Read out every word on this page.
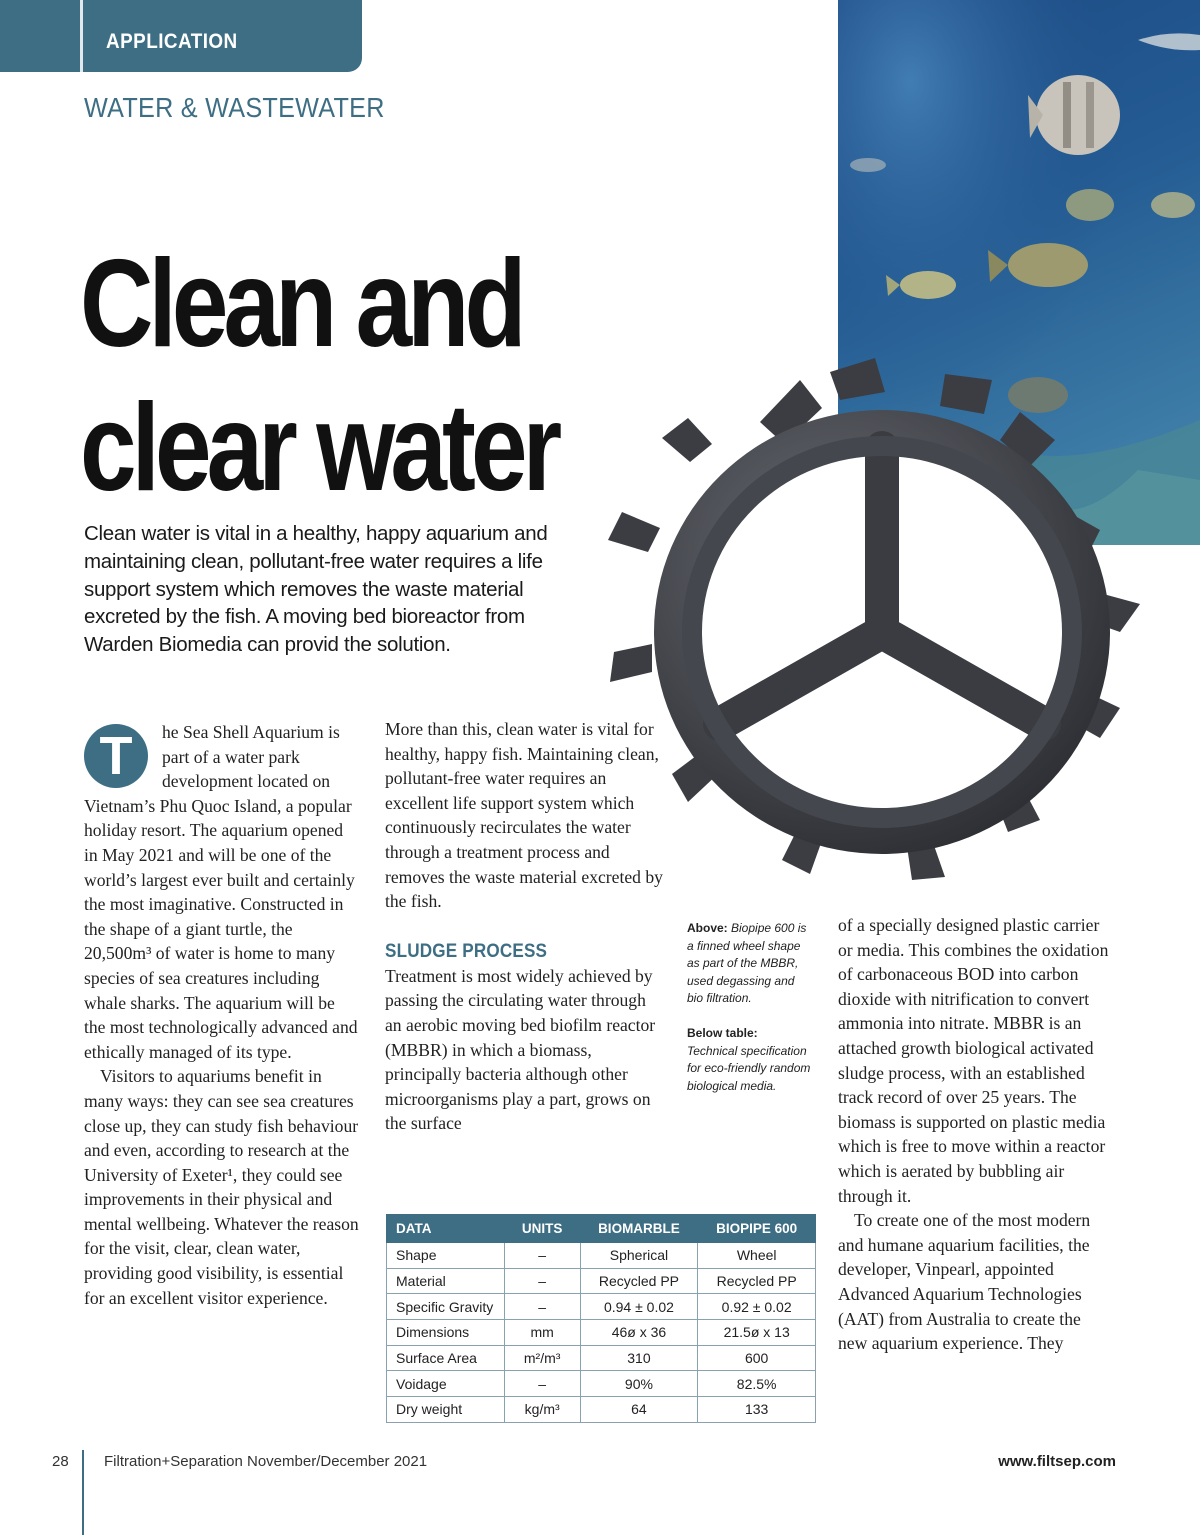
APPLICATION
WATER & WASTEWATER
Clean and
clear water

Clean water is vital in a healthy, happy aquarium and maintaining clean, pollutant-free water requires a life support system which removes the waste material excreted by the fish. A moving bed bioreactor from Warden Biomedia can provid the solution.

T	he Sea Shell Aquarium is part of a water park development located on Vietnam’s Phu Quoc Island, a popular holiday resort. The aquarium opened in May 2021 and will be one of the world’s largest ever built and certainly the most imaginative. Constructed in the shape of a giant turtle, the 20,500m³ of water is home to many species of sea creatures including whale sharks. The aquarium will be the most technologically advanced and ethically managed of its type.

Visitors to aquariums benefit in many ways: they can see sea creatures close up, they can study fish behaviour and even, according to research at the University of Exeter¹, they could see improvements in their physical and mental wellbeing. Whatever the reason for the visit, clear, clean water, providing good visibility, is essential for an excellent visitor experience.

More than this, clean water is vital for healthy, happy fish. Maintaining clean, pollutant-free water requires an excellent life support system which continuously recirculates the water through a treatment process and removes the waste material excreted by the fish.

SLUDGE PROCESS

Treatment is most widely achieved by passing the circulating water through an aerobic moving bed biofilm reactor (MBBR) in which a biomass, principally bacteria although other microorganisms play a part, grows on the surface

Above: Biopipe 600 is a finned wheel shape as part of the MBBR, used degassing and bio filtration.

Below table:

Technical specification for eco-friendly random biological media.

of a specially designed plastic carrier or media. This combines the oxidation of carbonaceous BOD into carbon dioxide with nitrification to convert ammonia into nitrate. MBBR is an attached growth biological activated sludge process, with an established track record of over 25 years. The biomass is supported on plastic media which is free to move within a reactor which is aerated by bubbling air through it.

To create one of the most modern and humane aquarium facilities, the developer, Vinpearl, appointed Advanced Aquarium Technologies (AAT) from Australia to create the new aquarium experience. They

DATA	UNITS	BIOMARBLE	BIOPIPE 600
Shape	–	Spherical	Wheel
Material	–	Recycled PP	Recycled PP
Specific Gravity	–	0.94 ± 0.02	0.92 ± 0.02
Dimensions	mm	46ø x 36	21.5ø x 13
Surface Area	m²/m³	310	600
Voidage	–	90%	82.5%
Dry weight	kg/m³	64	133
28 Filtration+Separation November/December 2021	www.filtsep.com
